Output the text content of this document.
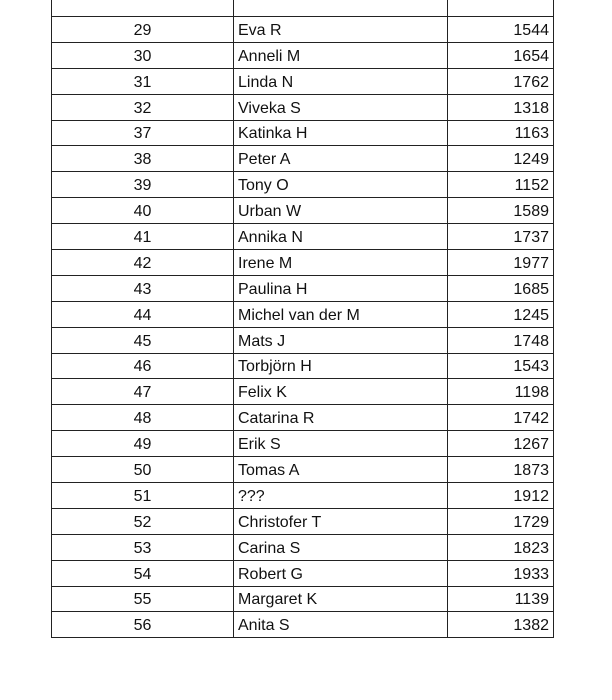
29	Eva R	1544
30	Anneli M	1654
31	Linda N	1762
32	Viveka S	1318
37	Katinka H	1163
38	Peter A	1249
39	Tony O	1152
40	Urban W	1589
41	Annika N	1737
42	Irene M	1977
43	Paulina H	1685
44	Michel van der M	1245
45	Mats J	1748
46	Torbjörn H	1543
47	Felix K	1198
48	Catarina R	1742
49	Erik S	1267
50	Tomas A	1873
51	???	1912
52	Christofer T	1729
53	Carina S	1823
54	Robert G	1933
55	Margaret K	1139
56	Anita S	1382
